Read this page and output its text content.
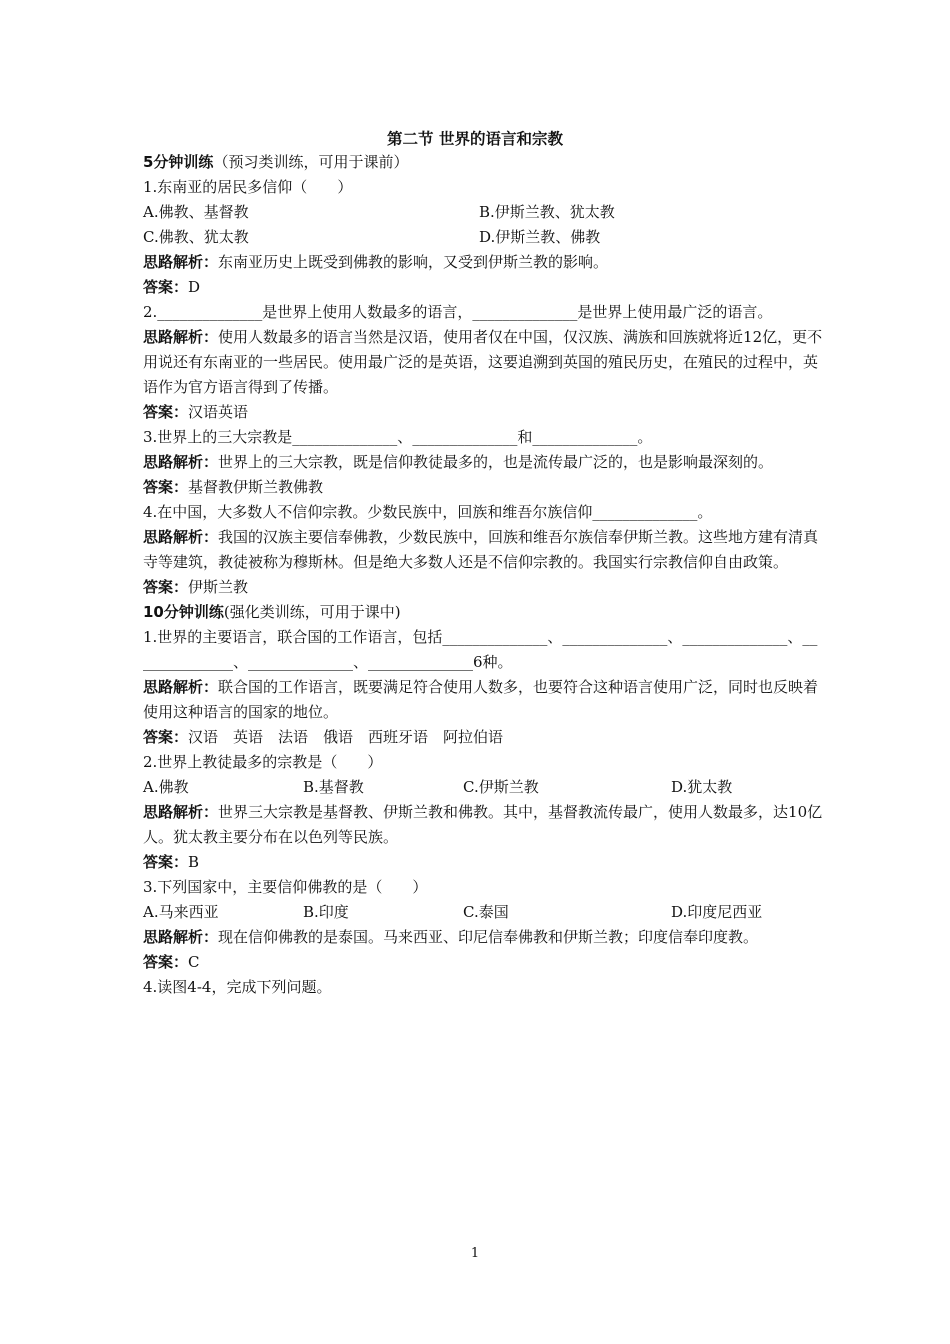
第二节 世界的语言和宗教
5分钟训练（预习类训练，可用于课前）
1.东南亚的居民多信仰（　　）
A.佛教、基督教	B.伊斯兰教、犹太教
C.佛教、犹太教	D.伊斯兰教、佛教
思路解析：东南亚历史上既受到佛教的影响，又受到伊斯兰教的影响。
答案：D
2.______________是世界上使用人数最多的语言，______________是世界上使用最广泛的语言。
思路解析：使用人数最多的语言当然是汉语，使用者仅在中国，仅汉族、满族和回族就将近12亿，更不用说还有东南亚的一些居民。使用最广泛的是英语，这要追溯到英国的殖民历史，在殖民的过程中，英语作为官方语言得到了传播。
答案：汉语英语
3.世界上的三大宗教是______________、______________和______________。
思路解析：世界上的三大宗教，既是信仰教徒最多的，也是流传最广泛的，也是影响最深刻的。
答案：基督教伊斯兰教佛教
4.在中国，大多数人不信仰宗教。少数民族中，回族和维吾尔族信仰______________。
思路解析：我国的汉族主要信奉佛教，少数民族中，回族和维吾尔族信奉伊斯兰教。这些地方建有清真寺等建筑，教徒被称为穆斯林。但是绝大多数人还是不信仰宗教的。我国实行宗教信仰自由政策。
答案：伊斯兰教
10分钟训练(强化类训练，可用于课中)
1.世界的主要语言，联合国的工作语言，包括______________、______________、______________、______________、______________、______________6种。
思路解析：联合国的工作语言，既要满足符合使用人数多，也要符合这种语言使用广泛，同时也反映着使用这种语言的国家的地位。
答案：汉语　英语　法语　俄语　西班牙语　阿拉伯语
2.世界上教徒最多的宗教是（　　）
A.佛教	B.基督教	C.伊斯兰教	D.犹太教
思路解析：世界三大宗教是基督教、伊斯兰教和佛教。其中，基督教流传最广，使用人数最多，达10亿人。犹太教主要分布在以色列等民族。
答案：B
3.下列国家中，主要信仰佛教的是（　　）
A.马来西亚	B.印度	C.泰国	D.印度尼西亚
思路解析：现在信仰佛教的是泰国。马来西亚、印尼信奉佛教和伊斯兰教；印度信奉印度教。
答案：C
4.读图4-4，完成下列问题。
1
